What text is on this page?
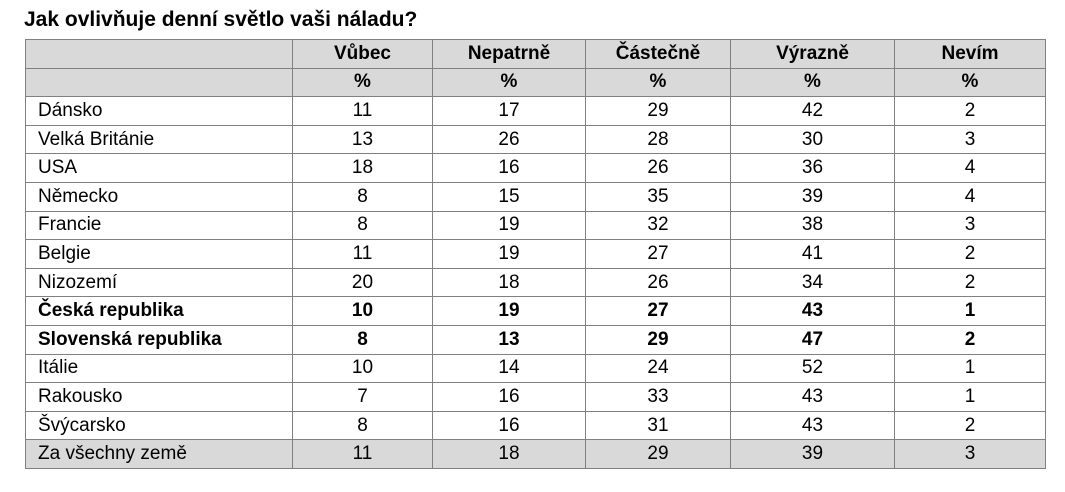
Jak ovlivňuje denní světlo vaši náladu?
	Vůbec	Nepatrně	Částečně	Výrazně	Nevím
	%	%	%	%	%
Dánsko	11	17	29	42	2
Velká Británie	13	26	28	30	3
USA	18	16	26	36	4
Německo	8	15	35	39	4
Francie	8	19	32	38	3
Belgie	11	19	27	41	2
Nizozemí	20	18	26	34	2
Česká republika	10	19	27	43	1
Slovenská republika	8	13	29	47	2
Itálie	10	14	24	52	1
Rakousko	7	16	33	43	1
Švýcarsko	8	16	31	43	2
Za všechny země	11	18	29	39	3
